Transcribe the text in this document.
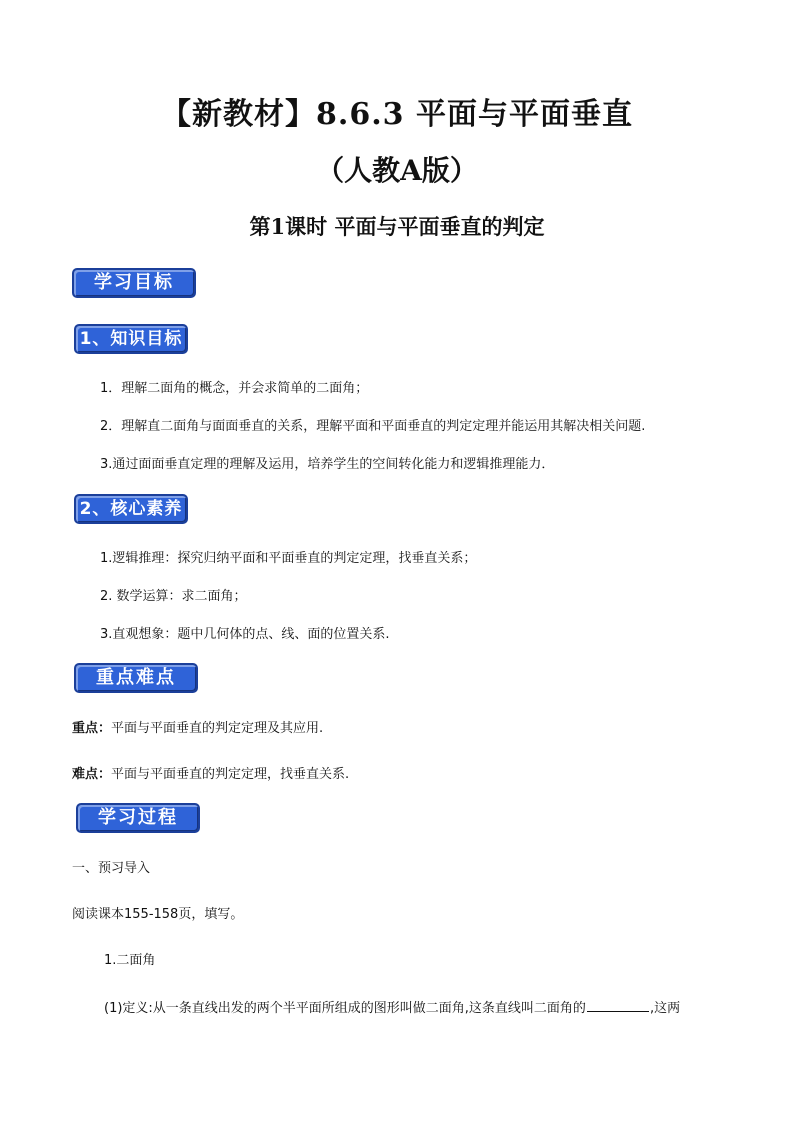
【新教材】8.6.3 平面与平面垂直
（人教A版）
第1课时 平面与平面垂直的判定
学习目标
1、知识目标
1．理解二面角的概念，并会求简单的二面角；
2．理解直二面角与面面垂直的关系，理解平面和平面垂直的判定定理并能运用其解决相关问题.
3.通过面面垂直定理的理解及运用，培养学生的空间转化能力和逻辑推理能力．
2、核心素养
1.逻辑推理：探究归纳平面和平面垂直的判定定理，找垂直关系；
2. 数学运算：求二面角；
3.直观想象：题中几何体的点、线、面的位置关系.
重点难点
重点：平面与平面垂直的判定定理及其应用.
难点：平面与平面垂直的判定定理，找垂直关系.
学习过程
一、预习导入
阅读课本155-158页，填写。
1.二面角
(1)定义:从一条直线出发的两个半平面所组成的图形叫做二面角,这条直线叫二面角的	,这两
